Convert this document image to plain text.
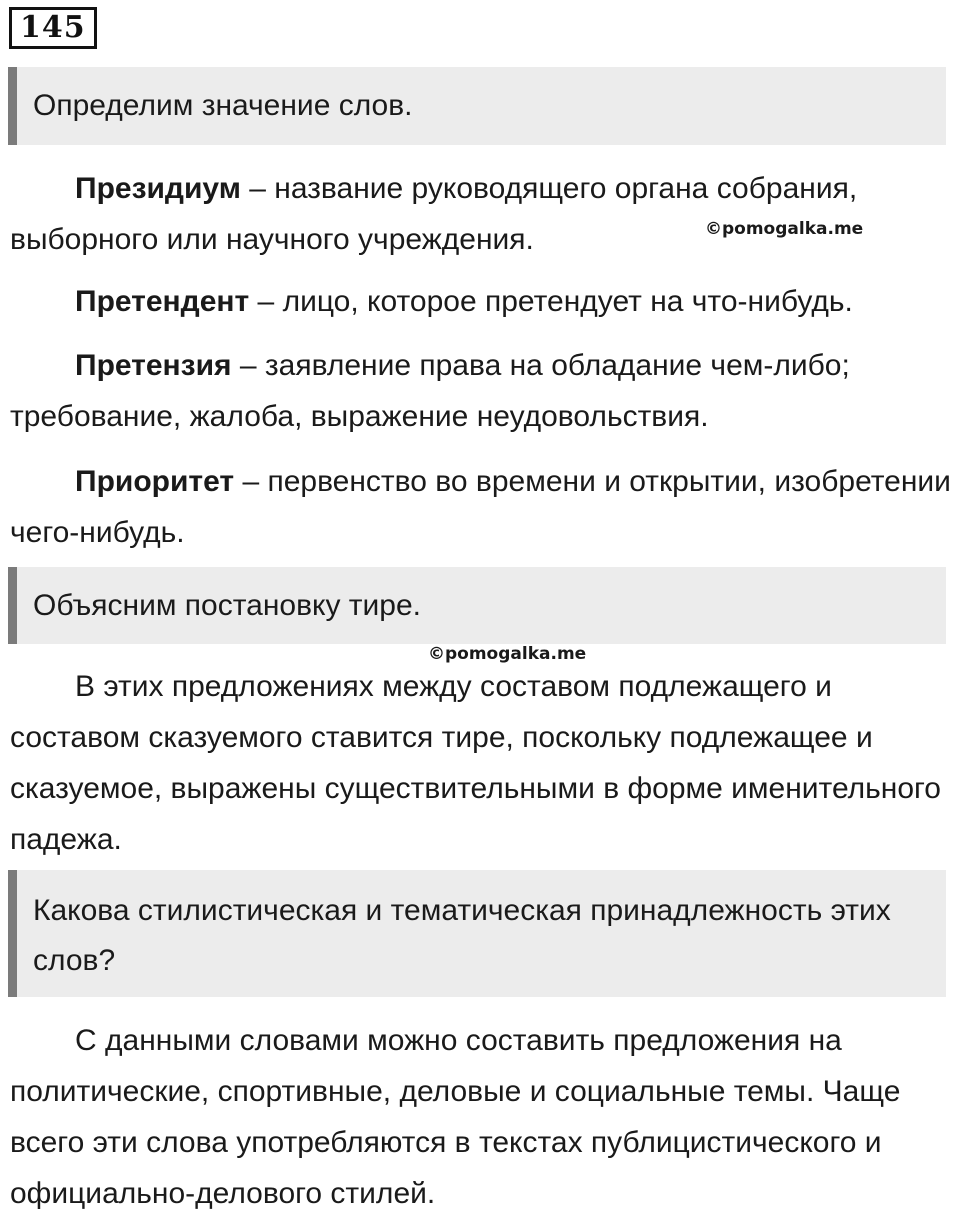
145
Определим значение слов.

Президиум – название руководящего органа собрания, выборного или научного учреждения.	©pomogalka.me

Претендент – лицо, которое претендует на что-нибудь.

Претензия – заявление права на обладание чем-либо; требование, жалоба, выражение неудовольствия.

Приоритет – первенство во времени и открытии, изобретении чего-нибудь.

Объясним постановку тире.
©pomogalka.me

В этих предложениях между составом подлежащего и составом сказуемого ставится тире, поскольку подлежащее и сказуемое, выражены существительными в форме именительного падежа.

Какова стилистическая и тематическая принадлежность этих слов?

С данными словами можно составить предложения на политические, спортивные, деловые и социальные темы. Чаще всего эти слова употребляются в текстах публицистического и официально-делового стилей.
